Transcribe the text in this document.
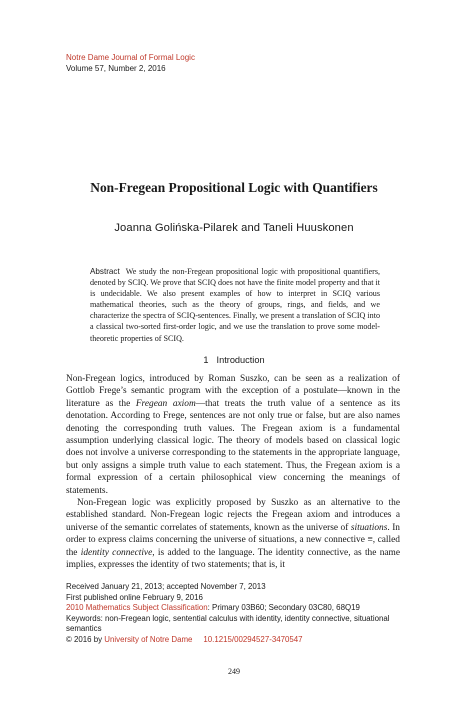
Notre Dame Journal of Formal Logic
Volume 57, Number 2, 2016
Non-Fregean Propositional Logic with Quantifiers
Joanna Golińska-Pilarek and Taneli Huuskonen
Abstract We study the non-Fregean propositional logic with propositional quantifiers, denoted by SCIQ. We prove that SCIQ does not have the finite model property and that it is undecidable. We also present examples of how to interpret in SCIQ various mathematical theories, such as the theory of groups, rings, and fields, and we characterize the spectra of SCIQ-sentences. Finally, we present a translation of SCIQ into a classical two-sorted first-order logic, and we use the translation to prove some model-theoretic properties of SCIQ.
1 Introduction

Non-Fregean logics, introduced by Roman Suszko, can be seen as a realization of Gottlob Frege’s semantic program with the exception of a postulate—known in the literature as the Fregean axiom—that treats the truth value of a sentence as its denotation. According to Frege, sentences are not only true or false, but are also names denoting the corresponding truth values. The Fregean axiom is a fundamental assumption underlying classical logic. The theory of models based on classical logic does not involve a universe corresponding to the statements in the appropriate language, but only assigns a simple truth value to each statement. Thus, the Fregean axiom is a formal expression of a certain philosophical view concerning the meanings of statements.

Non-Fregean logic was explicitly proposed by Suszko as an alternative to the established standard. Non-Fregean logic rejects the Fregean axiom and introduces a universe of the semantic correlates of statements, known as the universe of situations. In order to express claims concerning the universe of situations, a new connective ≡, called the identity connective, is added to the language. The identity connective, as the name implies, expresses the identity of two statements; that is, it

Received January 21, 2013; accepted November 7, 2013
First published online February 9, 2016
2010 Mathematics Subject Classification: Primary 03B60; Secondary 03C80, 68Q19
Keywords: non-Fregean logic, sentential calculus with identity, identity connective, situational semantics
© 2016 by University of Notre Dame 10.1215/00294527-3470547
249
